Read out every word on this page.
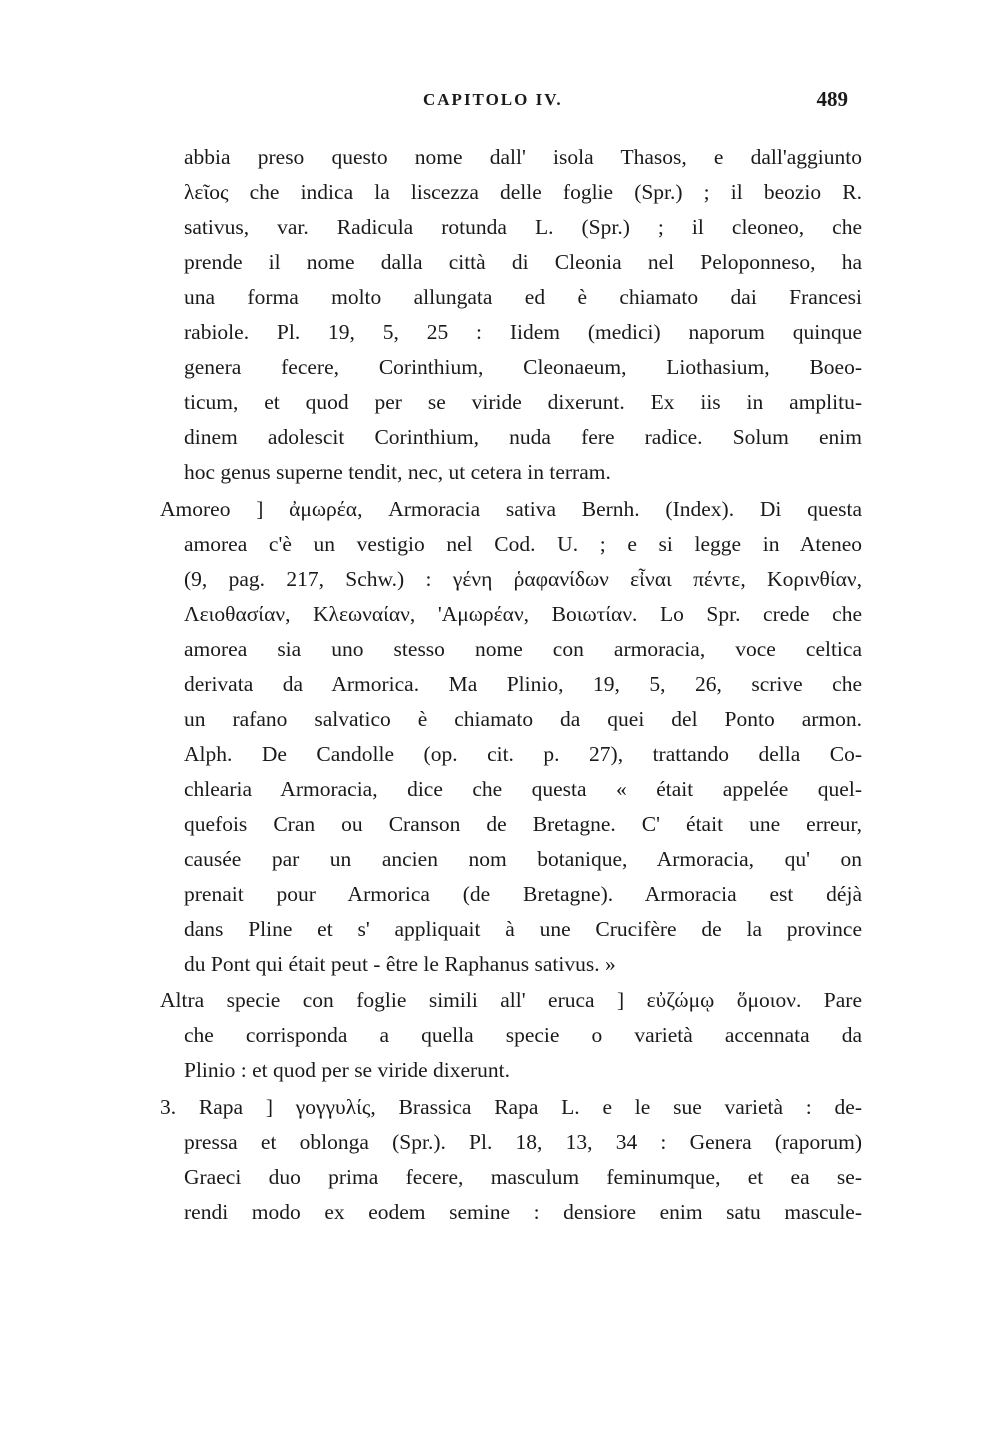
CAPITOLO IV.	489
abbia preso questo nome dall' isola Thasos, e dall'aggiunto
λεῖος che indica la liscezza delle foglie (Spr.) ; il beozio R.
sativus, var. Radicula rotunda L. (Spr.) ; il cleoneo, che
prende il nome dalla città di Cleonia nel Peloponneso, ha
una forma molto allungata ed è chiamato dai Francesi
rabiole. Pl. 19, 5, 25 : Iidem (medici) naporum quinque
genera fecere, Corinthium, Cleonaeum, Liothasium, Boeo-
ticum, et quod per se viride dixerunt. Ex iis in amplitu-
dinem adolescit Corinthium, nuda fere radice. Solum enim
hoc genus superne tendit, nec, ut cetera in terram.
Amoreo ] ἀμωρέα, Armoracia sativa Bernh. (Index). Di questa
amorea c'è un vestigio nel Cod. U. ; e si legge in Ateneo
(9, pag. 217, Schw.) : γένη ῥαφανίδων εἶναι πέντε, Κορινθίαν,
Λειοθασίαν, Κλεωναίαν, 'Αμωρέαν, Βοιωτίαν. Lo Spr. crede che
amorea sia uno stesso nome con armoracia, voce celtica
derivata da Armorica. Ma Plinio, 19, 5, 26, scrive che
un rafano salvatico è chiamato da quei del Ponto armon.
Alph. De Candolle (op. cit. p. 27), trattando della Co-
chlearia Armoracia, dice che questa « était appelée quel-
quefois Cran ou Cranson de Bretagne. C' était une erreur,
causée par un ancien nom botanique, Armoracia, qu' on
prenait pour Armorica (de Bretagne). Armoracia est déjà
dans Pline et s' appliquait à une Crucifère de la province
du Pont qui était peut - être le Raphanus sativus. »
Altra specie con foglie simili all' eruca ] εὐζώμῳ ὅμοιον. Pare
che corrisponda a quella specie o varietà accennata da
Plinio : et quod per se viride dixerunt.
3. Rapa ] γογγυλίς, Brassica Rapa L. e le sue varietà : de-
pressa et oblonga (Spr.). Pl. 18, 13, 34 : Genera (raporum)
Graeci duo prima fecere, masculum feminumque, et ea se-
rendi modo ex eodem semine : densiore enim satu mascule-
